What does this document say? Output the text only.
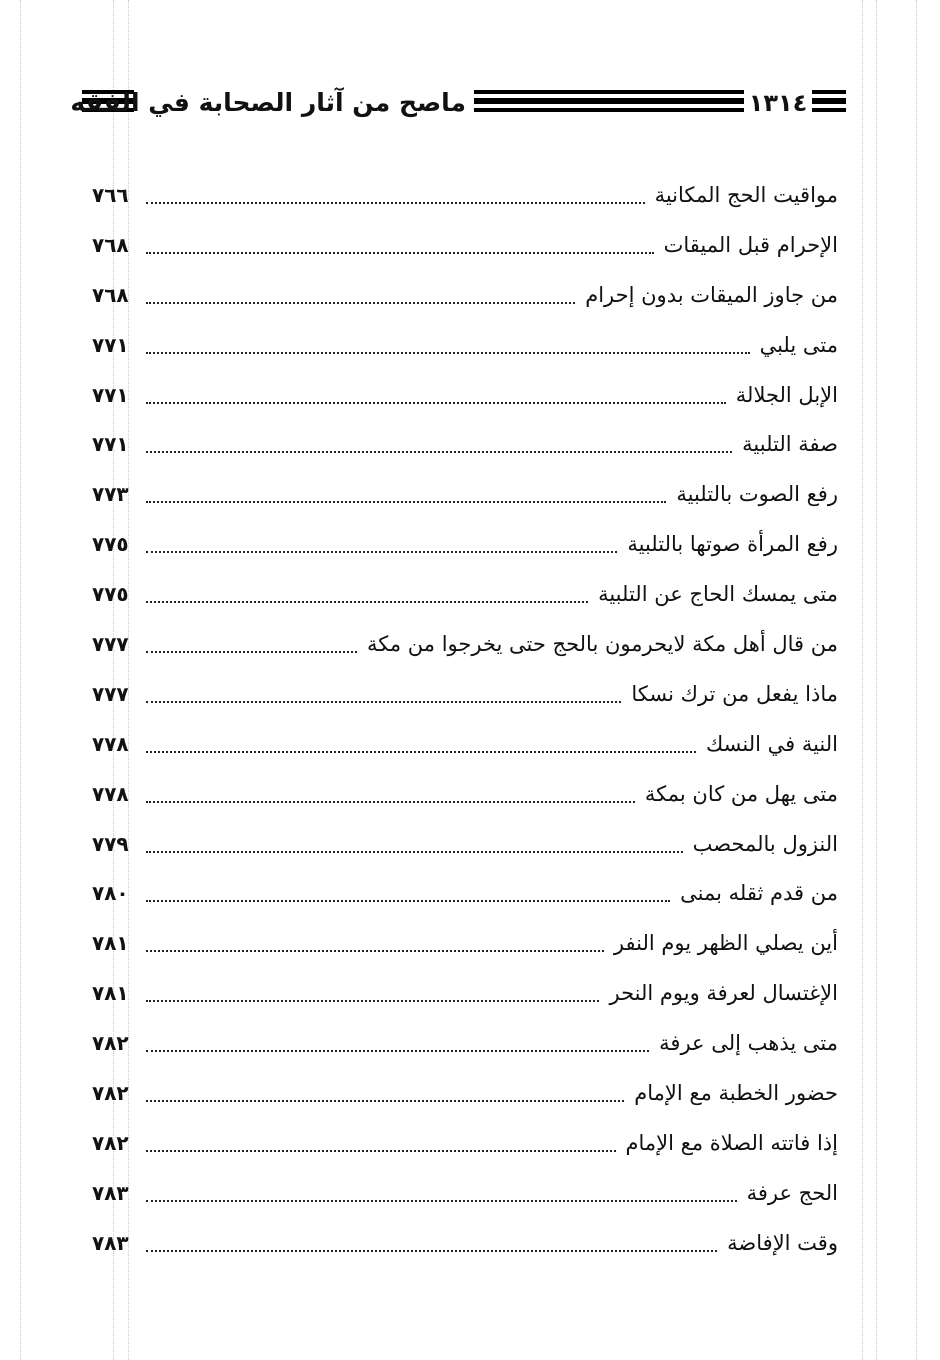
ماصح من آثار الصحابة في الفقه	١٣١٤
مواقيت الحج المكانية
٧٦٦
الإحرام قبل الميقات
٧٦٨
من جاوز الميقات بدون إحرام
٧٦٨
متى يلبي
٧٧١
الإبل الجلالة
٧٧١
صفة التلبية
٧٧١
رفع الصوت بالتلبية
٧٧٣
رفع المرأة صوتها بالتلبية
٧٧٥
متى يمسك الحاج عن التلبية
٧٧٥
من قال أهل مكة لايحرمون بالحج حتى يخرجوا من مكة
٧٧٧
ماذا يفعل من ترك نسكا
٧٧٧
النية في النسك
٧٧٨
متى يهل من كان بمكة
٧٧٨
النزول بالمحصب
٧٧٩
من قدم ثقله بمنى
٧٨٠
أين يصلي الظهر يوم النفر
٧٨١
الإغتسال لعرفة ويوم النحر
٧٨١
متى يذهب إلى عرفة
٧٨٢
حضور الخطبة مع الإمام
٧٨٢
إذا فاتته الصلاة مع الإمام
٧٨٢
الحج عرفة
٧٨٣
وقت الإفاضة
٧٨٣
